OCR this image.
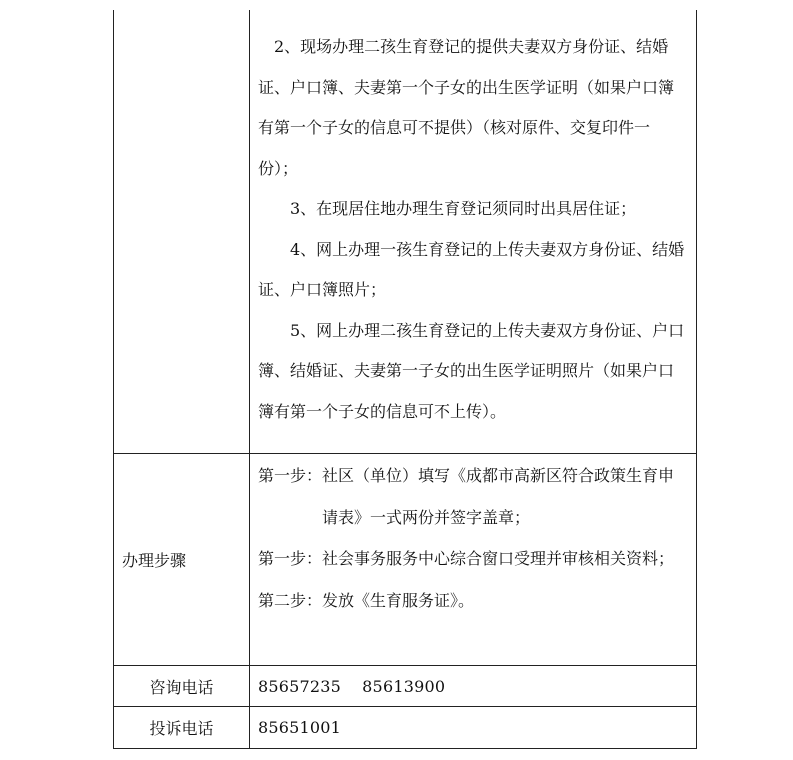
2、现场办理二孩生育登记的提供夫妻双方身份证、结婚证、户口簿、夫妻第一个子女的出生医学证明（如果户口簿有第一个子女的信息可不提供）（核对原件、交复印件一份）；

3、在现居住地办理生育登记须同时出具居住证；

4、网上办理一孩生育登记的上传夫妻双方身份证、结婚证、户口簿照片；

5、网上办理二孩生育登记的上传夫妻双方身份证、户口簿、结婚证、夫妻第一子女的出生医学证明照片（如果户口簿有第一个子女的信息可不上传）。

办理步骤
第一步： 社区（单位）填写《成都市高新区符合政策生育申请表》一式两份并签字盖章；
第一步： 社会事务服务中心综合窗口受理并审核相关资料；
第二步： 发放《生育服务证》。
咨询电话	85657235    85613900
投诉电话	85651001
